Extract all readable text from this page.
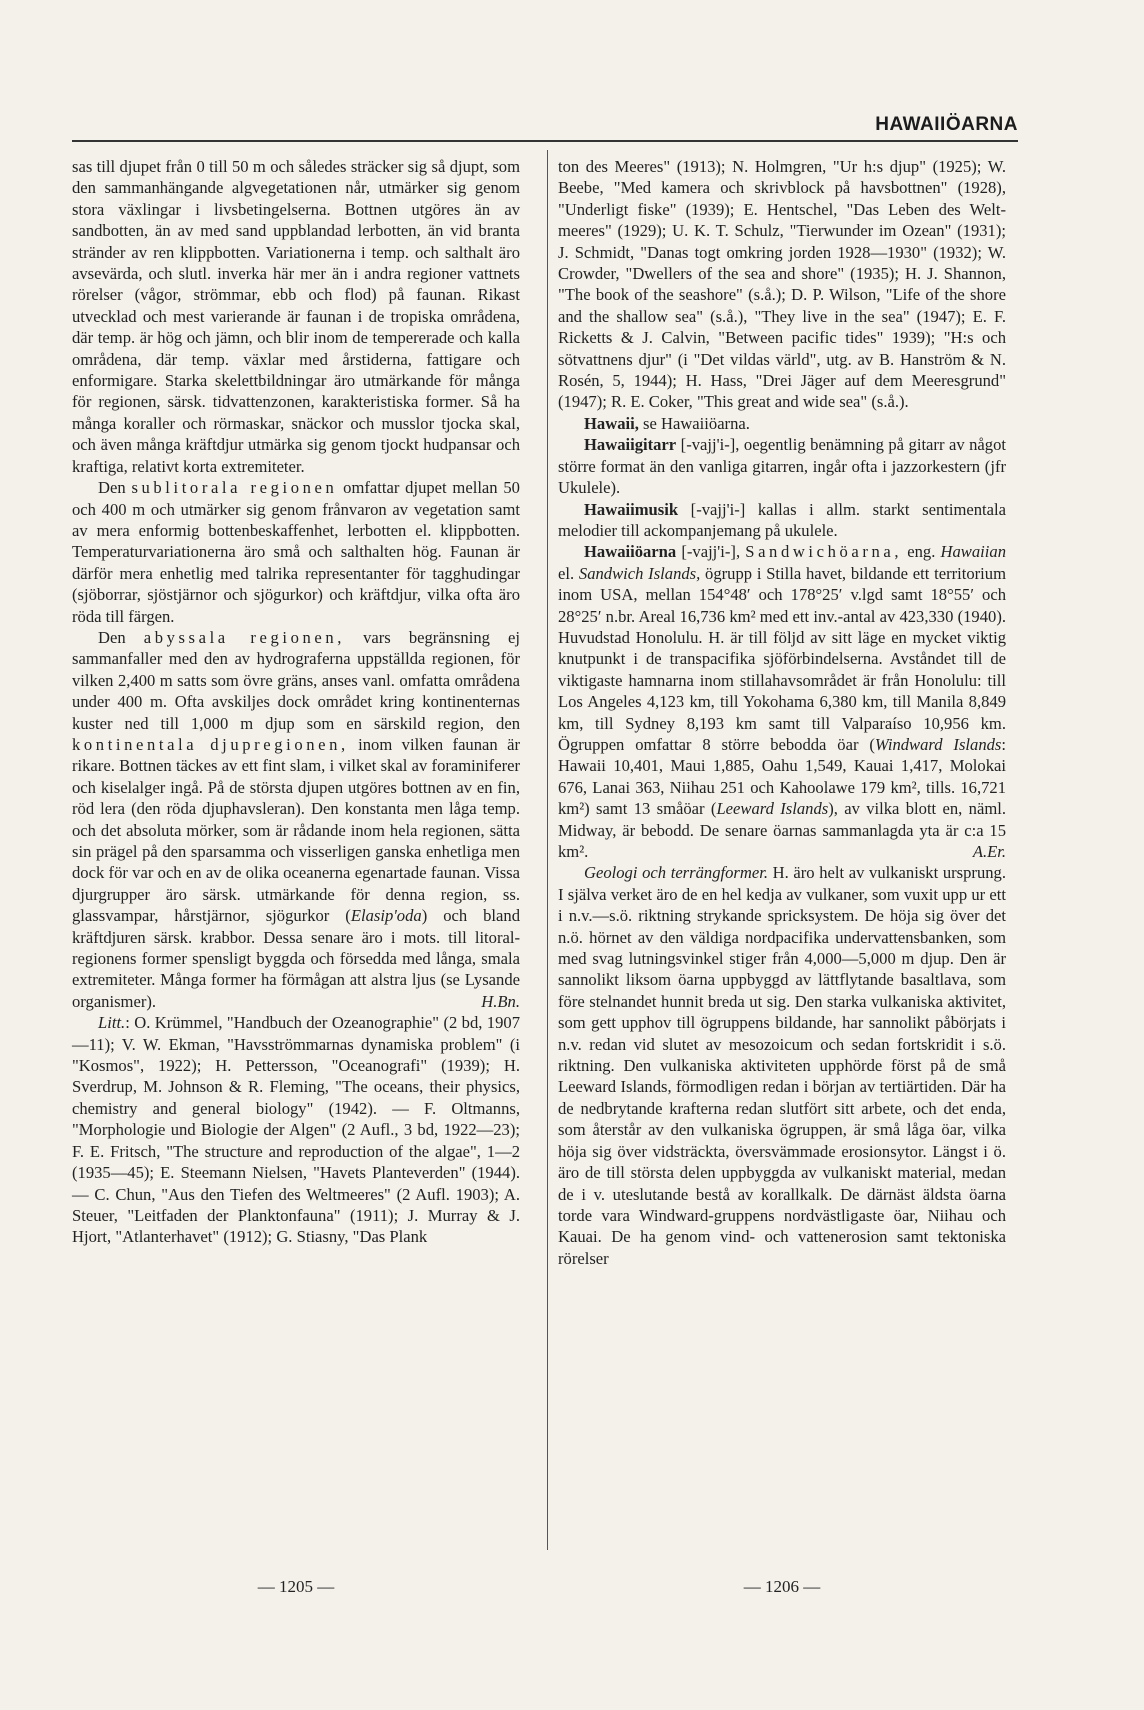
HAWAIIÖARNA

sas till djupet från 0 till 50 m och således sträcker sig så djupt, som den sammanhängande algvegetationen når, utmärker sig genom stora växlingar i livsbetingelserna. Bottnen utgöres än av sandbotten, än av med sand uppblandad lerbotten, än vid branta stränder av ren klippbotten. Variationerna i temp. och salthalt äro avsevärda, och slutl. inverka här mer än i andra regioner vattnets rörelser (vågor, strömmar, ebb och flod) på faunan. Rikast utvecklad och mest varierande är faunan i de tropiska områdena, där temp. är hög och jämn, och blir inom de tempererade och kalla områdena, där temp. växlar med årstiderna, fattigare och enformigare. Starka skelettbildningar äro utmärkande för många för regionen, särsk. tidvattenzonen, karakteristiska former. Så ha många koraller och rörmaskar, snäckor och musslor tjocka skal, och även många kräftdjur utmärka sig genom tjockt hudpansar och kraftiga, relativt korta extremiteter.

Den sublitorala regionen omfattar djupet mellan 50 och 400 m och utmärker sig genom frånvaron av vegetation samt av mera enformig bottenbeskaffenhet, lerbotten el. klippbotten. Temperaturvariationerna äro små och salthalten hög. Faunan är därför mera enhetlig med talrika representanter för tagghudingar (sjöborrar, sjöstjärnor och sjögurkor) och kräftdjur, vilka ofta äro röda till färgen.

Den abyssala regionen, vars begränsning ej sammanfaller med den av hydrograferna uppställda regionen, för vilken 2,400 m satts som övre gräns, anses vanl. omfatta områdena under 400 m. Ofta avskiljes dock området kring kontinenternas kuster ned till 1,000 m djup som en särskild region, den kontinentala djupregionen, inom vilken faunan är rikare. Bottnen täckes av ett fint slam, i vilket skal av foraminiferer och kiselalger ingå. På de största djupen utgöres bottnen av en fin, röd lera (den röda djuphavsleran). Den konstanta men låga temp. och det absoluta mörker, som är rådande inom hela regionen, sätta sin prägel på den sparsamma och visserligen ganska enhetliga men dock för var och en av de olika oceanerna egenartade faunan. Vissa djurgrupper äro särsk. utmärkande för denna region, ss. glassvampar, hårstjärnor, sjögurkor (Elasip'oda) och bland kräftdjuren särsk. krabbor. Dessa senare äro i mots. till litoralregionens former spensligt byggda och försedda med långa, smala extremiteter. Många former ha förmågan att alstra ljus (se Lysande organismer).	H.Bn.

Litt.: O. Krümmel, "Handbuch der Ozeanographie" (2 bd, 1907—11); V. W. Ekman, "Havsströmmarnas dynamiska problem" (i "Kosmos", 1922); H. Pettersson, "Oceanografi" (1939); H. Sverdrup, M. Johnson & R. Fleming, "The oceans, their physics, chemistry and general biology" (1942). — F. Oltmanns, "Morphologie und Biologie der Algen" (2 Aufl., 3 bd, 1922—23); F. E. Fritsch, "The structure and reproduction of the algae", 1—2 (1935—45); E. Steemann Nielsen, "Havets Planteverden" (1944). — C. Chun, "Aus den Tiefen des Weltmeeres" (2 Aufl. 1903); A. Steuer, "Leitfaden der Planktonfauna" (1911); J. Murray & J. Hjort, "Atlanterhavet" (1912); G. Stiasny, "Das Plank

ton des Meeres" (1913); N. Holmgren, "Ur h:s djup" (1925); W. Beebe, "Med kamera och skrivblock på havsbottnen" (1928), "Underligt fiske" (1939); E. Hentschel, "Das Leben des Weltmeeres" (1929); U. K. T. Schulz, "Tierwunder im Ozean" (1931); J. Schmidt, "Danas togt omkring jorden 1928—1930" (1932); W. Crowder, "Dwellers of the sea and shore" (1935); H. J. Shannon, "The book of the seashore" (s.å.); D. P. Wilson, "Life of the shore and the shallow sea" (s.å.), "They live in the sea" (1947); E. F. Ricketts & J. Calvin, "Between pacific tides" 1939); "H:s och sötvattnens djur" (i "Det vildas värld", utg. av B. Hanström & N. Rosén, 5, 1944); H. Hass, "Drei Jäger auf dem Meeresgrund" (1947); R. E. Coker, "This great and wide sea" (s.å.).

Hawaii, se Hawaiiöarna.

Hawaiigitarr [-vajj'i-], oegentlig benämning på gitarr av något större format än den vanliga gitarren, ingår ofta i jazzorkestern (jfr Ukulele).

Hawaiimusik [-vajj'i-] kallas i allm. starkt sentimentala melodier till ackompanjemang på ukulele.

Hawaiiöarna [-vajj'i-], Sandwichöarna, eng. Hawaiian el. Sandwich Islands, ögrupp i Stilla havet, bildande ett territorium inom USA, mellan 154°48′ och 178°25′ v.lgd samt 18°55′ och 28°25′ n.br. Areal 16,736 km² med ett inv.-antal av 423,330 (1940). Huvudstad Honolulu. H. är till följd av sitt läge en mycket viktig knutpunkt i de transpacifika sjöförbindelserna. Avståndet till de viktigaste hamnarna inom stillahavsområdet är från Honolulu: till Los Angeles 4,123 km, till Yokohama 6,380 km, till Manila 8,849 km, till Sydney 8,193 km samt till Valparaíso 10,956 km. Ögruppen omfattar 8 större bebodda öar (Windward Islands: Hawaii 10,401, Maui 1,885, Oahu 1,549, Kauai 1,417, Molokai 676, Lanai 363, Niihau 251 och Kahoolawe 179 km², tills. 16,721 km²) samt 13 småöar (Leeward Islands), av vilka blott en, näml. Midway, är bebodd. De senare öarnas sammanlagda yta är c:a 15 km².	A.Er.

Geologi och terrängformer. H. äro helt av vulkaniskt ursprung. I själva verket äro de en hel kedja av vulkaner, som vuxit upp ur ett i n.v.—s.ö. riktning strykande spricksystem. De höja sig över det n.ö. hörnet av den väldiga nordpacifika undervattensbanken, som med svag lutningsvinkel stiger från 4,000—5,000 m djup. Den är sannolikt liksom öarna uppbyggd av lättflytande basaltlava, som före stelnandet hunnit breda ut sig. Den starka vulkaniska aktivitet, som gett upphov till ögruppens bildande, har sannolikt påbörjats i n.v. redan vid slutet av mesozoicum och sedan fortskridit i s.ö. riktning. Den vulkaniska aktiviteten upphörde först på de små Leeward Islands, förmodligen redan i början av tertiärtiden. Där ha de nedbrytande krafterna redan slutfört sitt arbete, och det enda, som återstår av den vulkaniska ögruppen, är små låga öar, vilka höja sig över vidsträckta, översvämmade erosionsytor. Längst i ö. äro de till största delen uppbyggda av vulkaniskt material, medan de i v. uteslutande bestå av korallkalk. De därnäst äldsta öarna torde vara Windward-gruppens nordvästligaste öar, Niihau och Kauai. De ha genom vind- och vattenerosion samt tektoniska rörelser

— 1205 —	— 1206 —
